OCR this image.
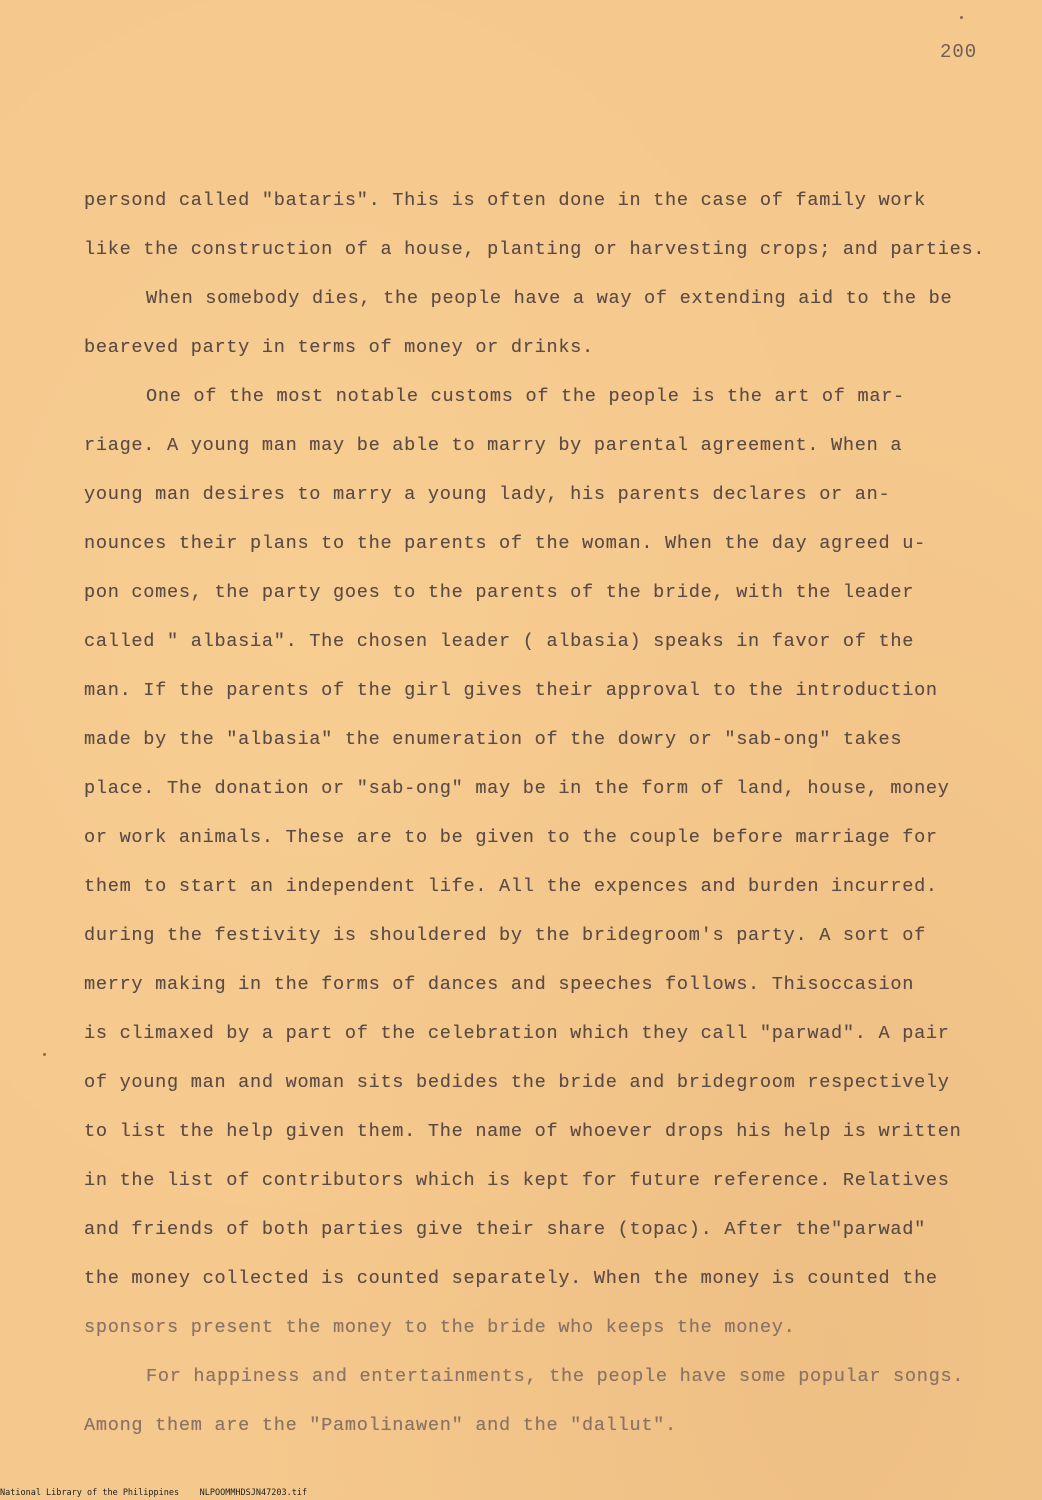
200
persond called "bataris". This is often done in the case of family work
like the construction of a house, planting or harvesting crops; and parties.
When somebody dies, the people have a way of extending aid to the be
beareved party in terms of money or drinks.
One of the most notable customs of the people is the art of mar-
riage. A young man may be able to marry by parental agreement. When a
young man desires to marry a young lady, his parents declares or an-
nounces their plans to the parents of the woman. When the day agreed u-
pon comes, the party goes to the parents of the bride, with the leader
called " albasia". The chosen leader ( albasia) speaks in favor of the
man. If the parents of the girl gives their approval to the introduction
made by the "albasia" the enumeration of the dowry or "sab-ong" takes
place. The donation or "sab-ong" may be in the form of land, house, money
or work animals. These are to be given to the couple before marriage for
them to start an independent life. All the expences and burden incurred.
during the festivity is shouldered by the bridegroom's party. A sort of
merry making in the forms of dances and speeches follows. Thisoccasion
is climaxed by a part of the celebration which they call "parwad". A pair
of young man and woman sits bedides the bride and bridegroom respectively
to list the help given them. The name of whoever drops his help is written
in the list of contributors which is kept for future reference. Relatives
and friends of both parties give their share (topac). After the"parwad"
the money collected is counted separately. When the money is counted the
sponsors present the money to the bride who keeps the money.
For happiness and entertainments, the people have some popular songs.
Among them are the "Pamolinawen" and the "dallut".
National Library of the Philippines NLPOOMMHDSJN47203.tif
